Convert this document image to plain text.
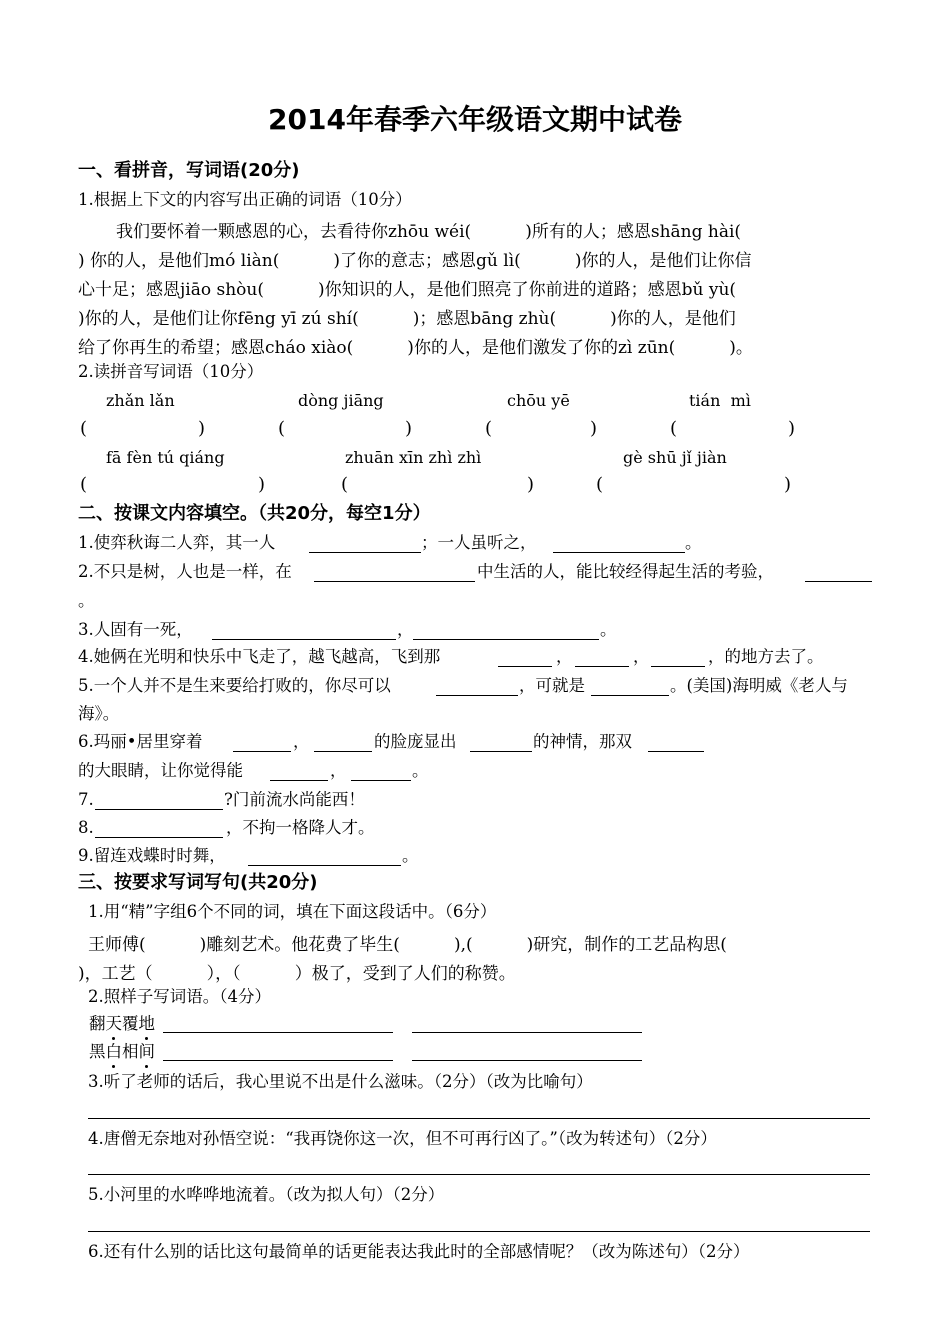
2014年春季六年级语文期中试卷
一、看拼音，写词语(20分)
1.根据上下文的内容写出正确的词语（10分）
我们要怀着一颗感恩的心，去看待你zhōu wéi(          )所有的人；感恩shāng hài(
) 你的人，是他们mó liàn(          )了你的意志；感恩gǔ lì(          )你的人，是他们让你信
心十足；感恩jiāo shòu(          )你知识的人，是他们照亮了你前进的道路；感恩bǔ yù(
)你的人，是他们让你fēng yī zú shí(          )；感恩bāng zhù(          )你的人，是他们
给了你再生的希望；感恩cháo xiào(          )你的人，是他们激发了你的zì zūn(          )。
2.读拼音写词语（10分）
zhǎn lǎn	dòng jiāng	chōu yē	tián  mì
(	)	(	)	(	)	(	)
fā fèn tú qiáng	zhuān xīn zhì zhì	gè shū jǐ jiàn
(	)	(	)	(	)
二、按课文内容填空。（共20分，每空1分）
1.使弈秋诲二人弈，其一人	；一人虽听之，	。
2.不只是树，人也是一样，在	中生活的人，能比较经得起生活的考验，
。
3.人固有一死，	，	。
4.她俩在光明和快乐中飞走了，越飞越高，飞到那	，	，	，的地方去了。
5.一个人并不是生来要给打败的，你尽可以	，可就是	。(美国)海明威《老人与
海》。
6.玛丽•居里穿着	，	的脸庞显出	的神情，那双
的大眼睛，让你觉得能	，	。
7.	?门前流水尚能西！
8.	，不拘一格降人才。
9.留连戏蝶时时舞，	。
三、按要求写词写句(共20分)
1.用“精”字组6个不同的词，填在下面这段话中。（6分）
王师傅(          )雕刻艺术。他花费了毕生(          ),(          )研究，制作的工艺品构思(
)，工艺（          ），（          ）极了，受到了人们的称赞。
2.照样子写词语。（4分）
翻天覆地
黑白相间
3.听了老师的话后，我心里说不出是什么滋味。（2分）（改为比喻句）
4.唐僧无奈地对孙悟空说：“我再饶你这一次，但不可再行凶了。”（改为转述句）（2分）
5.小河里的水哗哗地流着。（改为拟人句）（2分）
6.还有什么别的话比这句最简单的话更能表达我此时的全部感情呢？（改为陈述句）（2分）
